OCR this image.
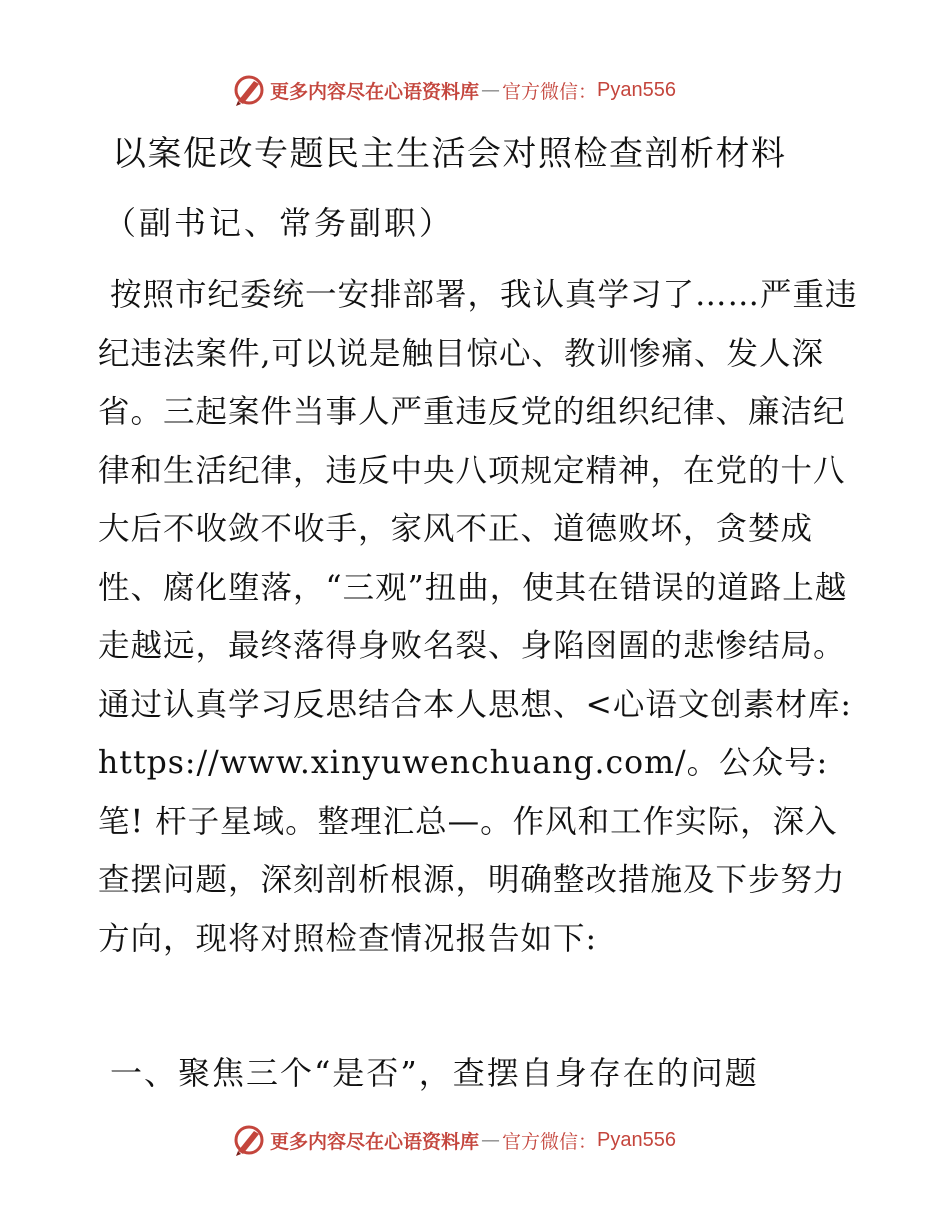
更多内容尽在心语资料库 — 官方微信： Pyan556
以案促改专题民主生活会对照检查剖析材料

（副书记、常务副职）

按照市纪委统一安排部署，我认真学习了……严重违纪违法案件,可以说是触目惊心、教训惨痛、发人深省。三起案件当事人严重违反党的组织纪律、廉洁纪律和生活纪律，违反中央八项规定精神，在党的十八大后不收敛不收手，家风不正、道德败坏，贪婪成性、腐化堕落，“三观”扭曲，使其在错误的道路上越走越远，最终落得身败名裂、身陷囹圄的悲惨结局。通过认真学习反思结合本人思想、<心语文创素材库: https://www.xinyuwenchuang.com/。公众号: 笔! 杆子星域。整理汇总—。作风和工作实际，深入查摆问题，深刻剖析根源，明确整改措施及下步努力方向，现将对照检查情况报告如下:

一、聚焦三个“是否”，查摆自身存在的问题

更多内容尽在心语资料库 — 官方微信： Pyan556
